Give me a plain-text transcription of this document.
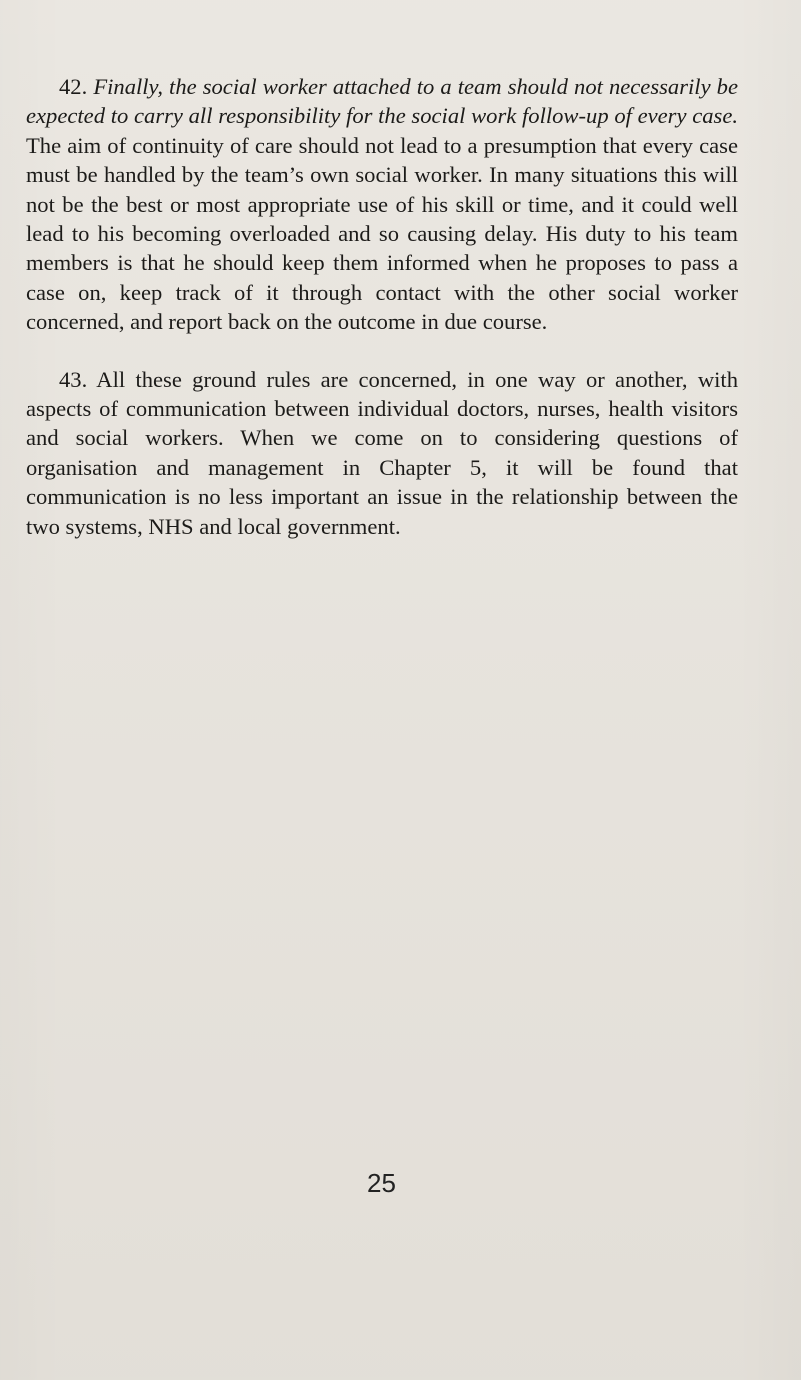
42. Finally, the social worker attached to a team should not necessarily be expected to carry all responsibility for the social work follow-up of every case. The aim of continuity of care should not lead to a presumption that every case must be handled by the team’s own social worker. In many situations this will not be the best or most appropriate use of his skill or time, and it could well lead to his becoming overloaded and so causing delay. His duty to his team members is that he should keep them informed when he proposes to pass a case on, keep track of it through contact with the other social worker concerned, and report back on the outcome in due course.

43. All these ground rules are concerned, in one way or another, with aspects of communication between individual doctors, nurses, health visitors and social workers. When we come on to considering questions of organisation and management in Chapter 5, it will be found that communication is no less important an issue in the relationship between the two systems, NHS and local government.

25
